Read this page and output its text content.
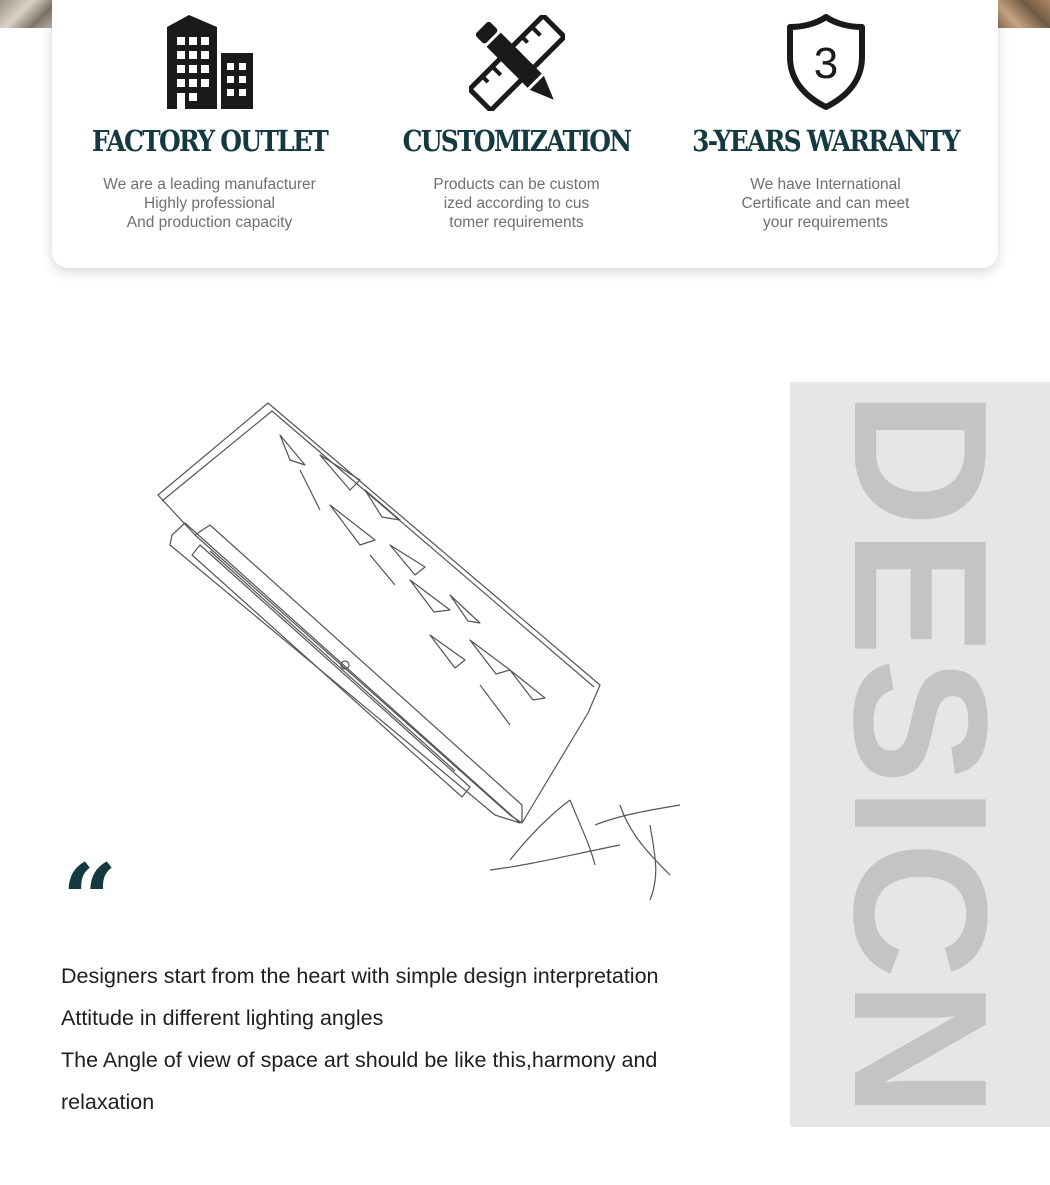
FACTORY OUTLET
We are a leading manufacturer
Highly professional
And production capacity
CUSTOMIZATION
Products can be custom
ized according to cus
tomer requirements
3
3-YEARS WARRANTY
We have International
Certificate and can meet
your requirements
DESICN
“
Designers start from the heart with simple design interpretation
Attitude in different lighting angles
The Angle of view of space art should be like this,harmony and
relaxation
